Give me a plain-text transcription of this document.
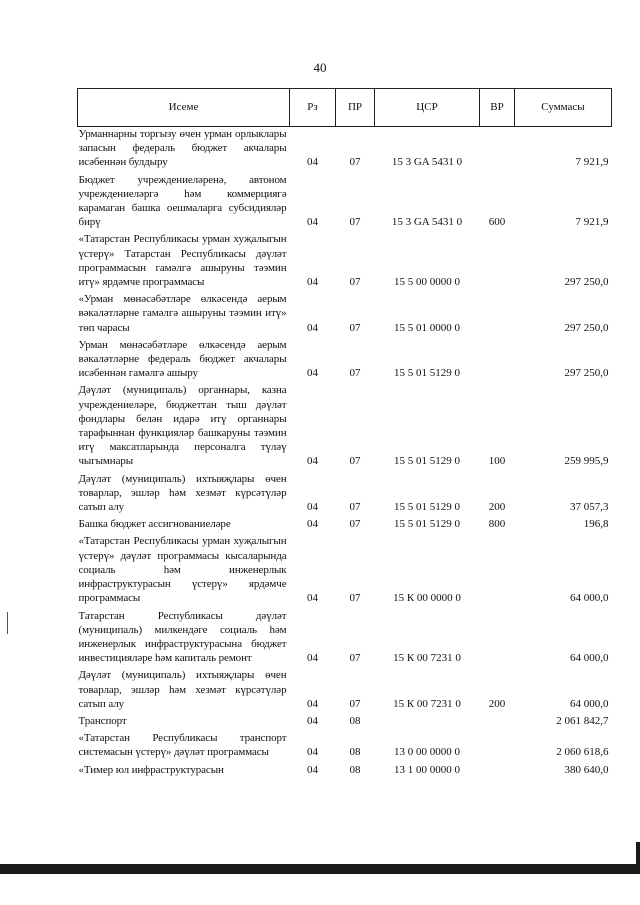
40
Исеме	Рз	ПР	ЦСР	ВР	Суммасы
Урманнарны торгызу өчен урман орлыклары запасын федераль бюджет акчалары исәбеннән булдыру	04	07	15 3 GA 5431 0		7 921,9
Бюджет учреждениеләренә, автоном учреждениеләргә һәм коммерциягә карамаган башка оешмаларга субсидияләр бирү	04	07	15 3 GA 5431 0	600	7 921,9
«Татарстан Республикасы урман хуҗалыгын үстерү» Татарстан Республикасы дәүләт программасын гамәлгә ашыруны тәэмин итү» ярдәмче программасы	04	07	15 5 00 0000 0		297 250,0
«Урман мөнәсәбәтләре өлкәсендә аерым вәкаләтләрне гамәлгә ашыруны тәэмин итү» төп чарасы	04	07	15 5 01 0000 0		297 250,0
Урман мөнәсәбәтләре өлкәсендә аерым вәкаләтләрне федераль бюджет акчалары исәбеннән гамәлгә ашыру	04	07	15 5 01 5129 0		297 250,0
Дәүләт (муниципаль) органнары, казна учреждениеләре, бюджеттан тыш дәүләт фондлары белән идарә итү органнары тарафыннан функцияләр башкаруны тәэмин итү максатларында персоналга түләү чыгымнары	04	07	15 5 01 5129 0	100	259 995,9
Дәүләт (муниципаль) ихтыяҗлары өчен товарлар, эшләр һәм хезмәт күрсәтүләр сатып алу	04	07	15 5 01 5129 0	200	37 057,3
Башка бюджет ассигнованиеләре	04	07	15 5 01 5129 0	800	196,8
«Татарстан Республикасы урман хуҗалыгын үстерү» дәүләт программасы кысаларында социаль һәм инженерлык инфраструктурасын үстерү» ярдәмче программасы	04	07	15 К 00 0000 0		64 000,0
Татарстан Республикасы дәүләт (муниципаль) милкендәге социаль һәм инженерлык инфраструктурасына бюджет инвестицияләре һәм капиталь ремонт	04	07	15 К 00 7231 0		64 000,0
Дәүләт (муниципаль) ихтыяҗлары өчен товарлар, эшләр һәм хезмәт күрсәтүләр сатып алу	04	07	15 К 00 7231 0	200	64 000,0
Транспорт	04	08			2 061 842,7
«Татарстан Республикасы транспорт системасын үстерү» дәүләт программасы	04	08	13 0 00 0000 0		2 060 618,6
«Тимер юл инфраструктурасын	04	08	13 1 00 0000 0		380 640,0
